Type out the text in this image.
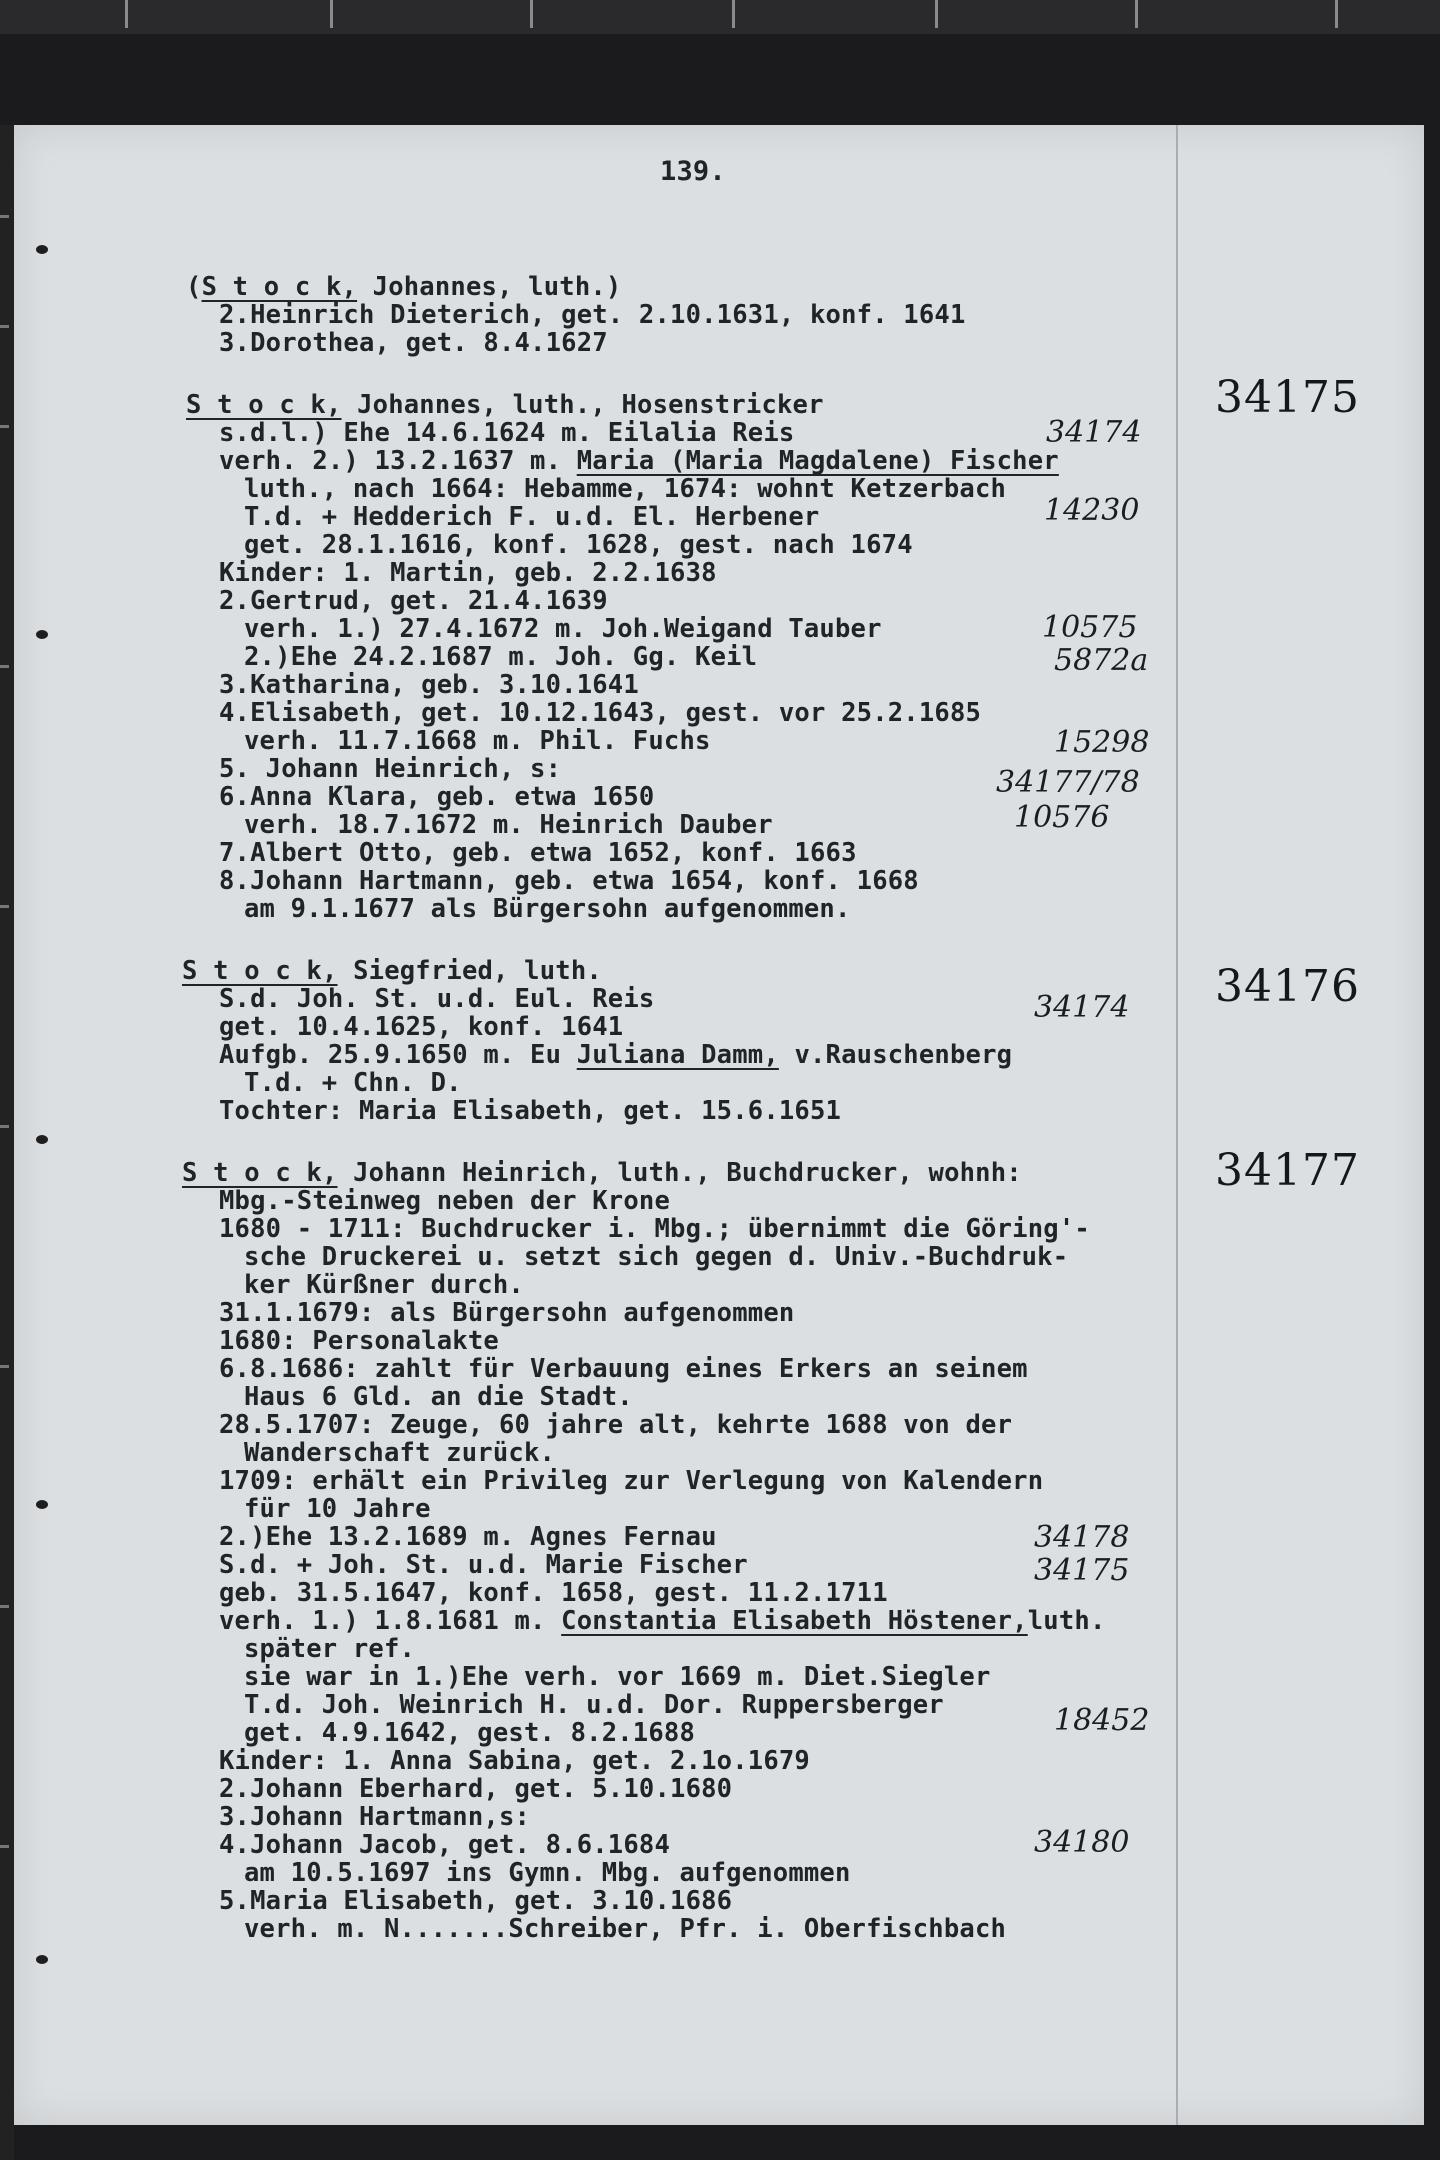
139.
(S t o c k, Johannes, luth.)
2.Heinrich Dieterich, get. 2.10.1631, konf. 1641
3.Dorothea, get. 8.4.1627
S t o c k, Johannes, luth., Hosenstricker
s.d.l.) Ehe 14.6.1624 m. Eilalia Reis
verh. 2.) 13.2.1637 m. Maria (Maria Magdalene) Fischer
luth., nach 1664: Hebamme, 1674: wohnt Ketzerbach
T.d. + Hedderich F. u.d. El. Herbener
get. 28.1.1616, konf. 1628, gest. nach 1674
Kinder: 1. Martin, geb. 2.2.1638
2.Gertrud, get. 21.4.1639
verh. 1.) 27.4.1672 m. Joh.Weigand Tauber
2.)Ehe 24.2.1687 m. Joh. Gg. Keil
3.Katharina, geb. 3.10.1641
4.Elisabeth, get. 10.12.1643, gest. vor 25.2.1685
verh. 11.7.1668 m. Phil. Fuchs
5. Johann Heinrich, s:
6.Anna Klara, geb. etwa 1650
verh. 18.7.1672 m. Heinrich Dauber
7.Albert Otto, geb. etwa 1652, konf. 1663
8.Johann Hartmann, geb. etwa 1654, konf. 1668
am 9.1.1677 als Bürgersohn aufgenommen.
S t o c k, Siegfried, luth.
S.d. Joh. St. u.d. Eul. Reis
get. 10.4.1625, konf. 1641
Aufgb. 25.9.1650 m. Eu Juliana Damm, v.Rauschenberg
T.d. + Chn. D.
Tochter: Maria Elisabeth, get. 15.6.1651
S t o c k, Johann Heinrich, luth., Buchdrucker, wohnh:
Mbg.-Steinweg neben der Krone
1680 - 1711: Buchdrucker i. Mbg.; übernimmt die Göring'-
sche Druckerei u. setzt sich gegen d. Univ.-Buchdruk-
ker Kürßner durch.
31.1.1679: als Bürgersohn aufgenommen
1680: Personalakte
6.8.1686: zahlt für Verbauung eines Erkers an seinem
Haus 6 Gld. an die Stadt.
28.5.1707: Zeuge, 60 jahre alt, kehrte 1688 von der
Wanderschaft zurück.
1709: erhält ein Privileg zur Verlegung von Kalendern
für 10 Jahre
2.)Ehe 13.2.1689 m. Agnes Fernau
S.d. + Joh. St. u.d. Marie Fischer
geb. 31.5.1647, konf. 1658, gest. 11.2.1711
verh. 1.) 1.8.1681 m. Constantia Elisabeth Höstener,luth.
später ref.
sie war in 1.)Ehe verh. vor 1669 m. Diet.Siegler
T.d. Joh. Weinrich H. u.d. Dor. Ruppersberger
get. 4.9.1642, gest. 8.2.1688
Kinder: 1. Anna Sabina, get. 2.1o.1679
2.Johann Eberhard, get. 5.10.1680
3.Johann Hartmann,s:
4.Johann Jacob, get. 8.6.1684
am 10.5.1697 ins Gymn. Mbg. aufgenommen
5.Maria Elisabeth, get. 3.10.1686
verh. m. N.......Schreiber, Pfr. i. Oberfischbach
34175
34176
34177
34174
14230
10575
5872a
15298
34177/78
10576
34174
34178
34175
18452
34180
